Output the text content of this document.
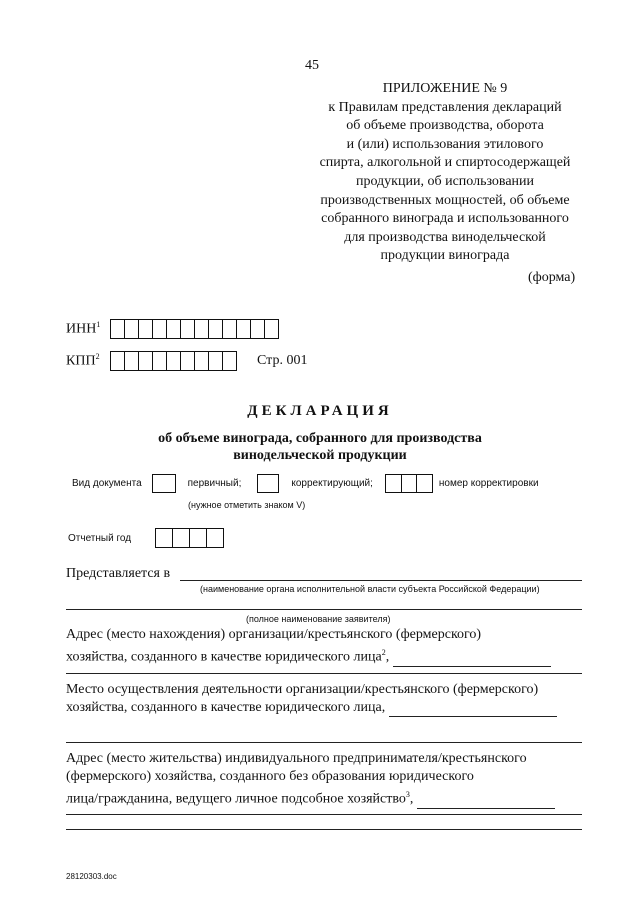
45
ПРИЛОЖЕНИЕ № 9
к Правилам представления деклараций
об объеме производства, оборота
и (или) использования этилового
спирта, алкогольной и спиртосодержащей
продукции, об использовании
производственных мощностей, об объеме
собранного винограда и использованного
для производства винодельческой
продукции винограда
(форма)
ИНН$^1$
КПП$^2$	Стр. 001
ДЕКЛАРАЦИЯ
об объеме винограда, собранного для производства винодельческой продукции
Вид документа	первичный;	корректирующий;	номер корректировки
(нужное отметить знаком V)
Отчетный год
Представляется в
(наименование органа исполнительной власти субъекта Российской Федерации)
(полное наименование заявителя)
Адрес (место нахождения) организации/крестьянского (фермерского)
хозяйства, созданного в качестве юридического лица$^2$,
Место осуществления деятельности организации/крестьянского (фермерского)
хозяйства, созданного в качестве юридического лица,
Адрес (место жительства) индивидуального предпринимателя/крестьянского
(фермерского) хозяйства, созданного без образования юридического
лица/гражданина, ведущего личное подсобное хозяйство$^3$,
28120303.doc
